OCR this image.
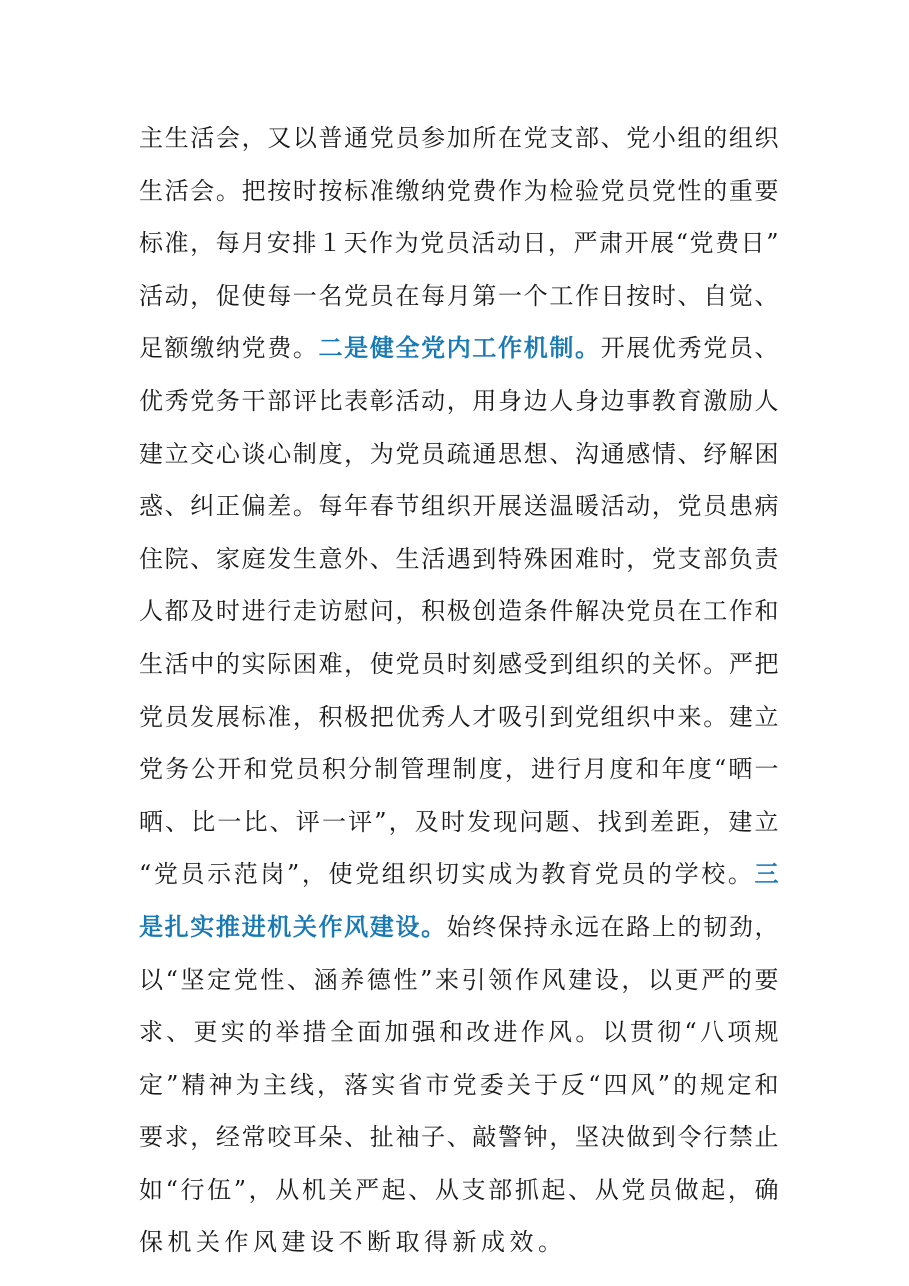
主生活会，又以普通党员参加所在党支部、党小组的组织
生活会。把按时按标准缴纳党费作为检验党员党性的重要
标准，每月安排１天作为党员活动日，严肃开展“党费日”
活动，促使每一名党员在每月第一个工作日按时、自觉、
足额缴纳党费。二是健全党内工作机制。开展优秀党员、
优秀党务干部评比表彰活动，用身边人身边事教育激励人
建立交心谈心制度，为党员疏通思想、沟通感情、纾解困
惑、纠正偏差。每年春节组织开展送温暖活动，党员患病
住院、家庭发生意外、生活遇到特殊困难时，党支部负责
人都及时进行走访慰问，积极创造条件解决党员在工作和
生活中的实际困难，使党员时刻感受到组织的关怀。严把
党员发展标准，积极把优秀人才吸引到党组织中来。建立
党务公开和党员积分制管理制度，进行月度和年度“晒一
晒、比一比、评一评”，及时发现问题、找到差距，建立
“党员示范岗”，使党组织切实成为教育党员的学校。三
是扎实推进机关作风建设。始终保持永远在路上的韧劲，
以“坚定党性、涵养德性”来引领作风建设，以更严的要
求、更实的举措全面加强和改进作风。以贯彻“八项规
定”精神为主线，落实省市党委关于反“四风”的规定和
要求，经常咬耳朵、扯袖子、敲警钟，坚决做到令行禁止
如“行伍”，从机关严起、从支部抓起、从党员做起，确
保机关作风建设不断取得新成效。
